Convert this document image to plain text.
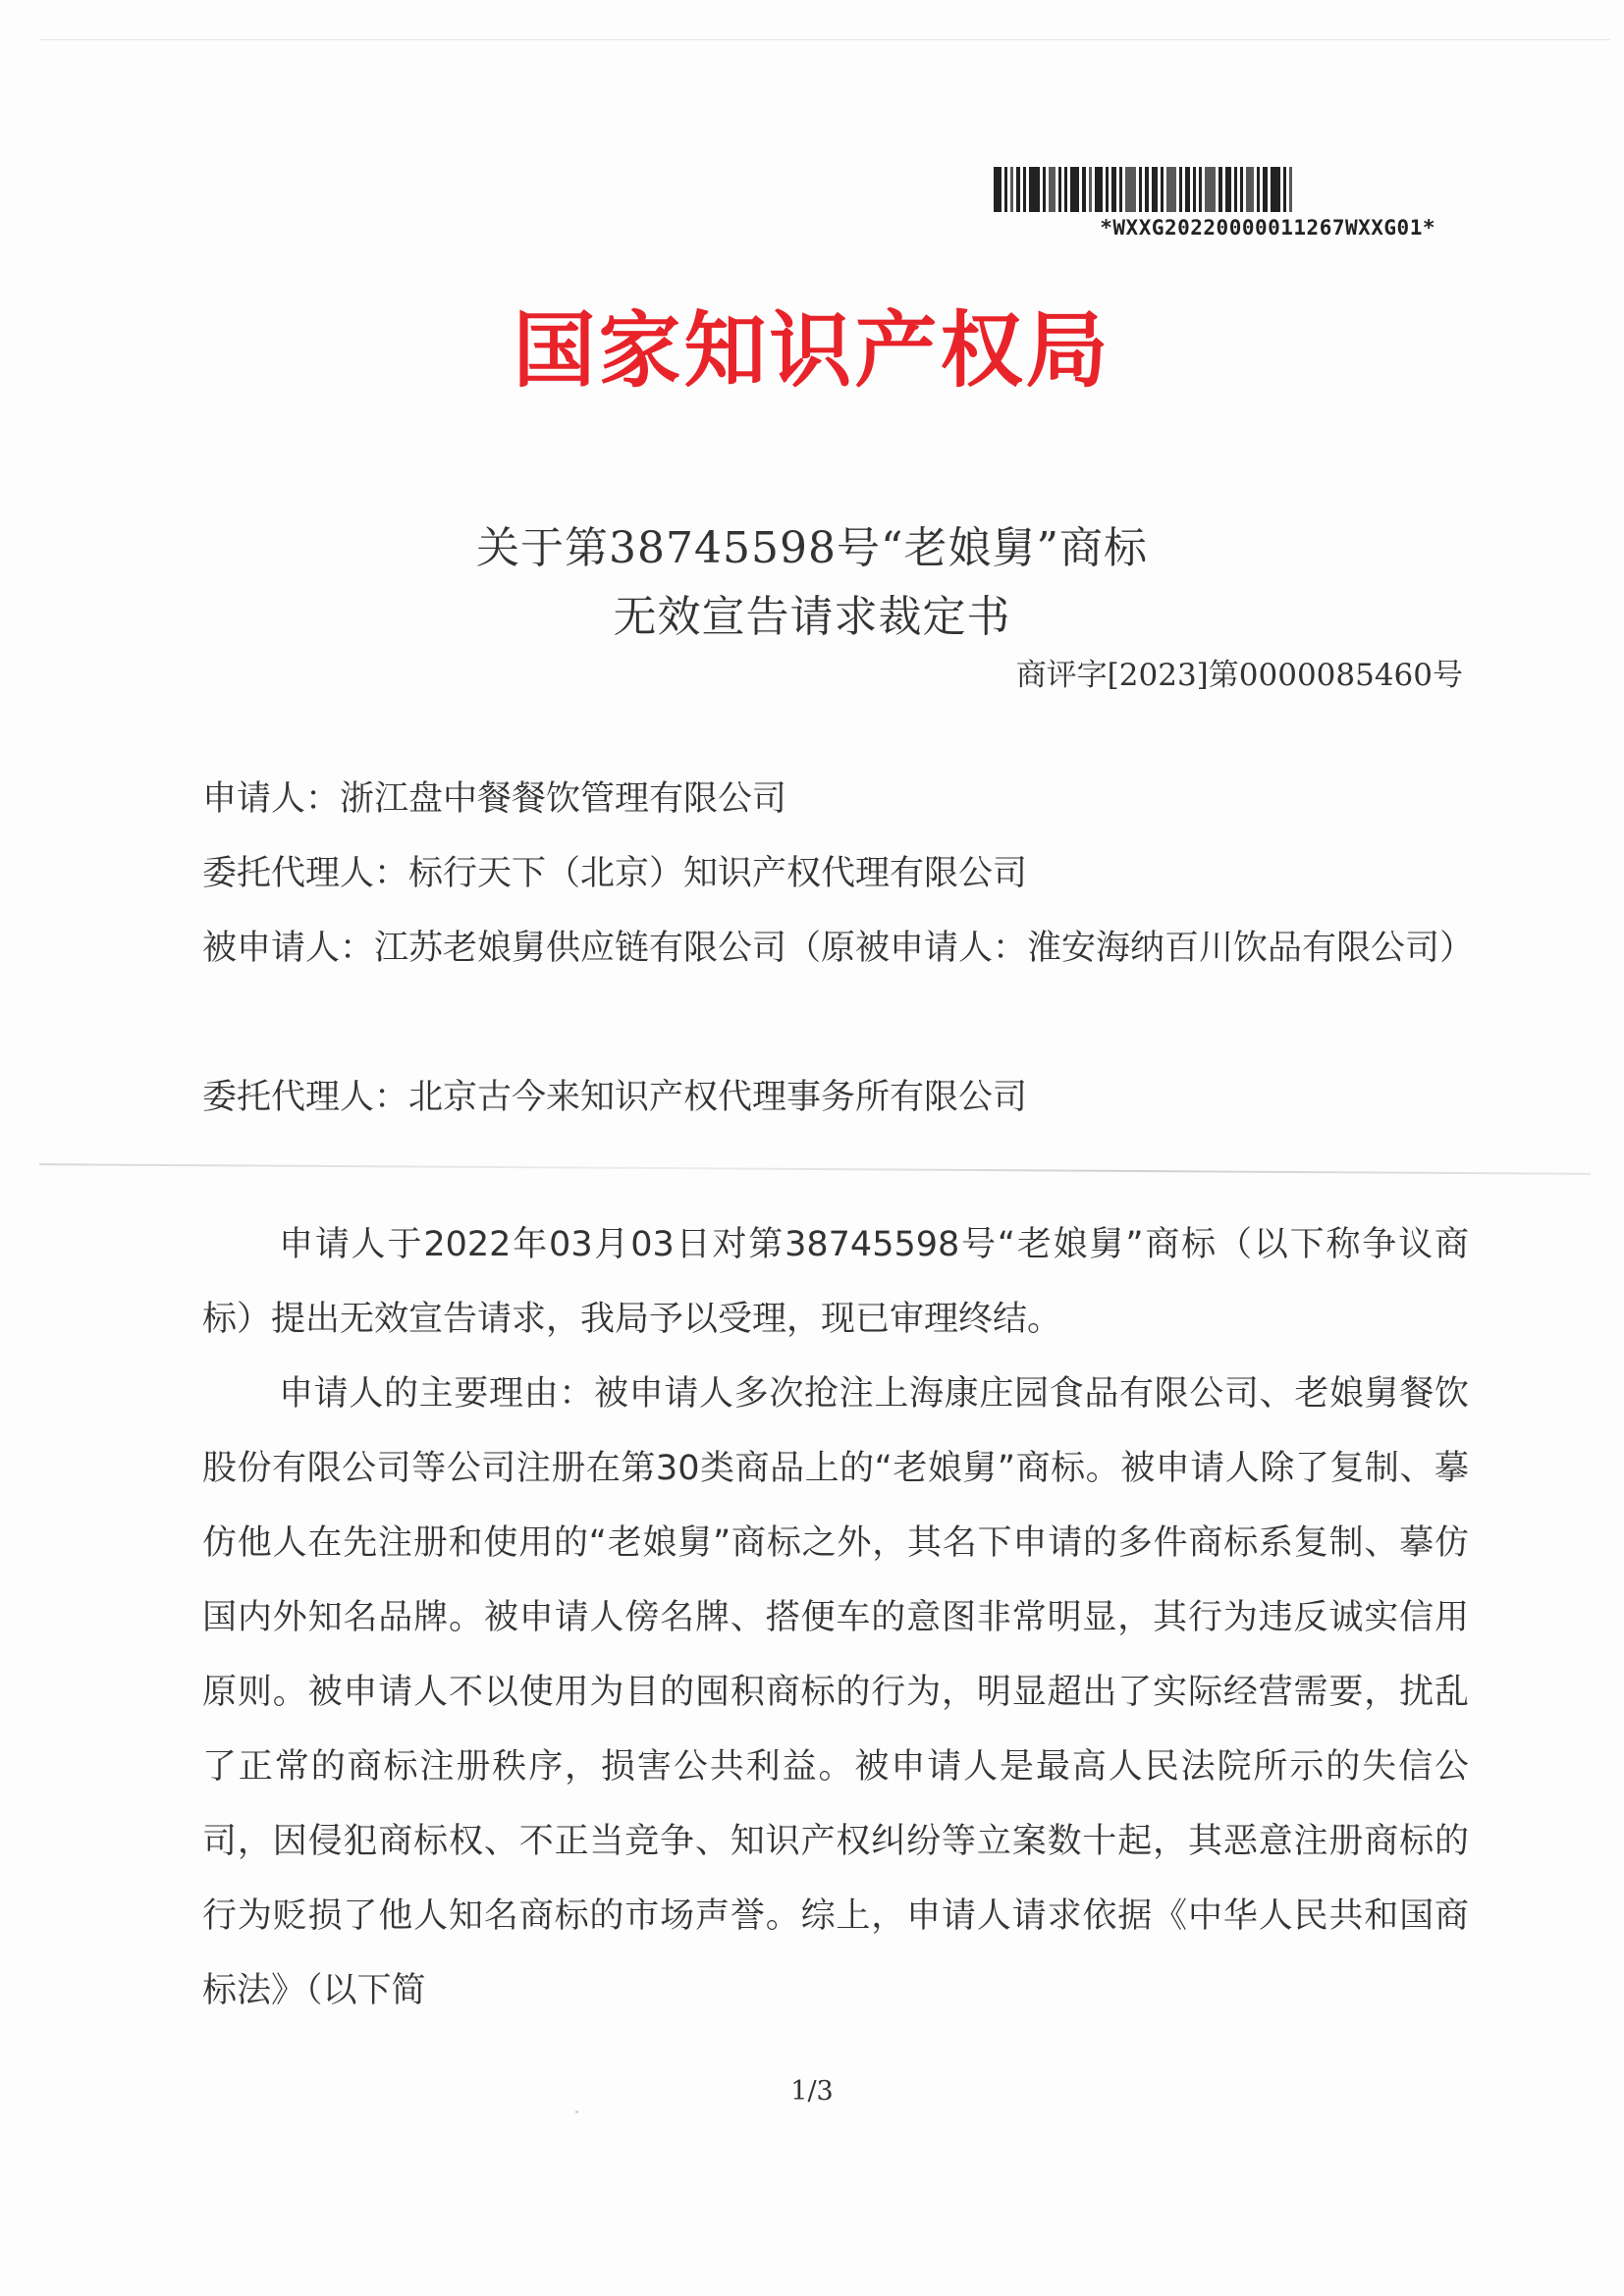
*WXXG20220000011267WXXG01*
国家知识产权局
关于第38745598号“老娘舅”商标
无效宣告请求裁定书
商评字[2023]第0000085460号
申请人：浙江盘中餐餐饮管理有限公司
委托代理人：标行天下（北京）知识产权代理有限公司
被申请人：江苏老娘舅供应链有限公司（原被申请人：淮安海纳百川饮品有限公司）
委托代理人：北京古今来知识产权代理事务所有限公司
申请人于2022年03月03日对第38745598号“老娘舅”商标（以下称争议商标）提出无效宣告请求，我局予以受理，现已审理终结。
申请人的主要理由：被申请人多次抢注上海康庄园食品有限公司、老娘舅餐饮股份有限公司等公司注册在第30类商品上的“老娘舅”商标。被申请人除了复制、摹仿他人在先注册和使用的“老娘舅”商标之外，其名下申请的多件商标系复制、摹仿国内外知名品牌。被申请人傍名牌、搭便车的意图非常明显，其行为违反诚实信用原则。被申请人不以使用为目的囤积商标的行为，明显超出了实际经营需要，扰乱了正常的商标注册秩序，损害公共利益。被申请人是最高人民法院所示的失信公司，因侵犯商标权、不正当竞争、知识产权纠纷等立案数十起，其恶意注册商标的行为贬损了他人知名商标的市场声誉。综上，申请人请求依据《中华人民共和国商标法》（以下简
1/3
